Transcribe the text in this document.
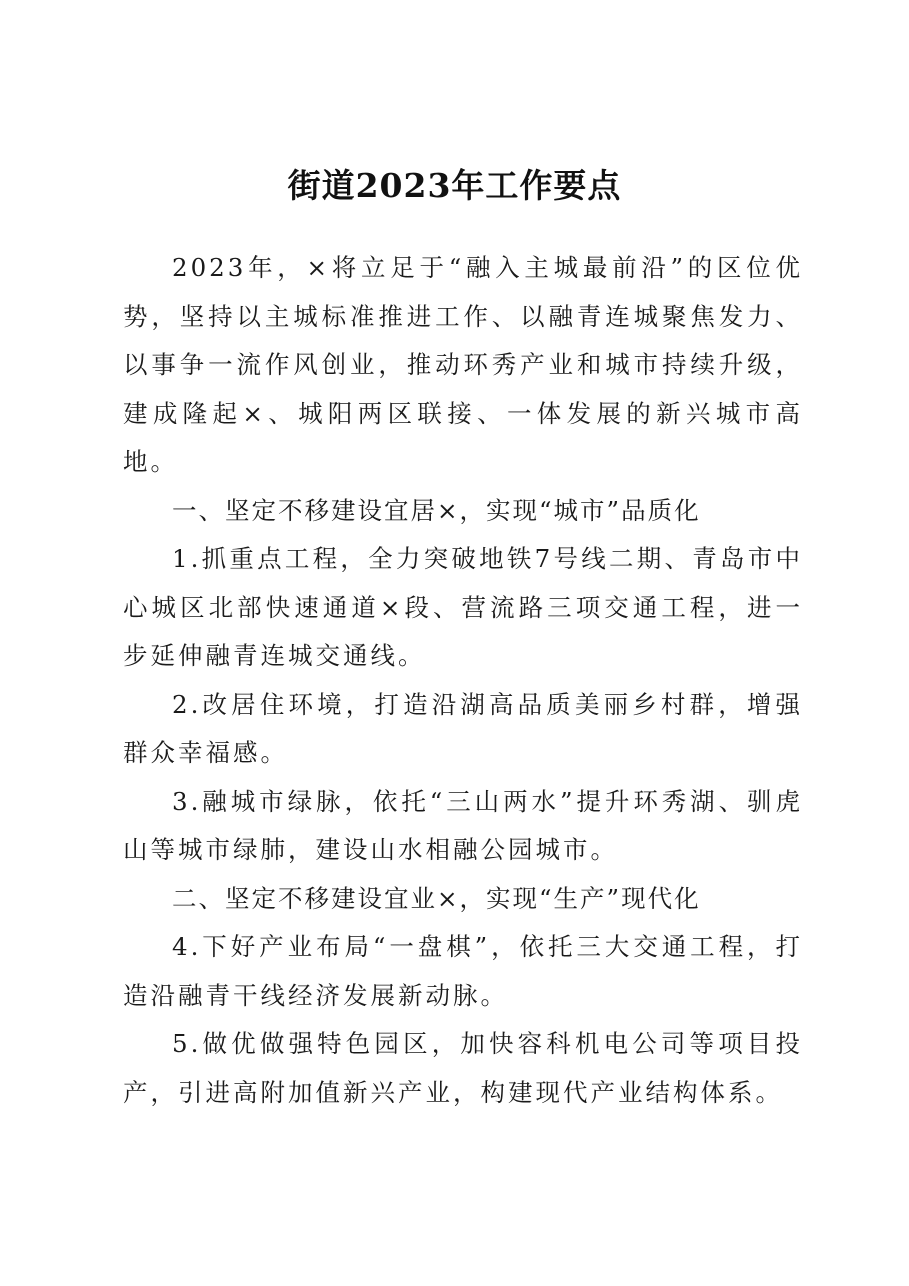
街道2023年工作要点

2023年，×将立足于“融入主城最前沿”的区位优势，坚持以主城标准推进工作、以融青连城聚焦发力、以事争一流作风创业，推动环秀产业和城市持续升级，建成隆起×、城阳两区联接、一体发展的新兴城市高地。

一、坚定不移建设宜居×，实现“城市”品质化

1.抓重点工程，全力突破地铁7号线二期、青岛市中心城区北部快速通道×段、营流路三项交通工程，进一步延伸融青连城交通线。

2.改居住环境，打造沿湖高品质美丽乡村群，增强群众幸福感。

3.融城市绿脉，依托“三山两水”提升环秀湖、驯虎山等城市绿肺，建设山水相融公园城市。

二、坚定不移建设宜业×，实现“生产”现代化

4.下好产业布局“一盘棋”，依托三大交通工程，打造沿融青干线经济发展新动脉。

5.做优做强特色园区，加快容科机电公司等项目投产，引进高附加值新兴产业，构建现代产业结构体系。
